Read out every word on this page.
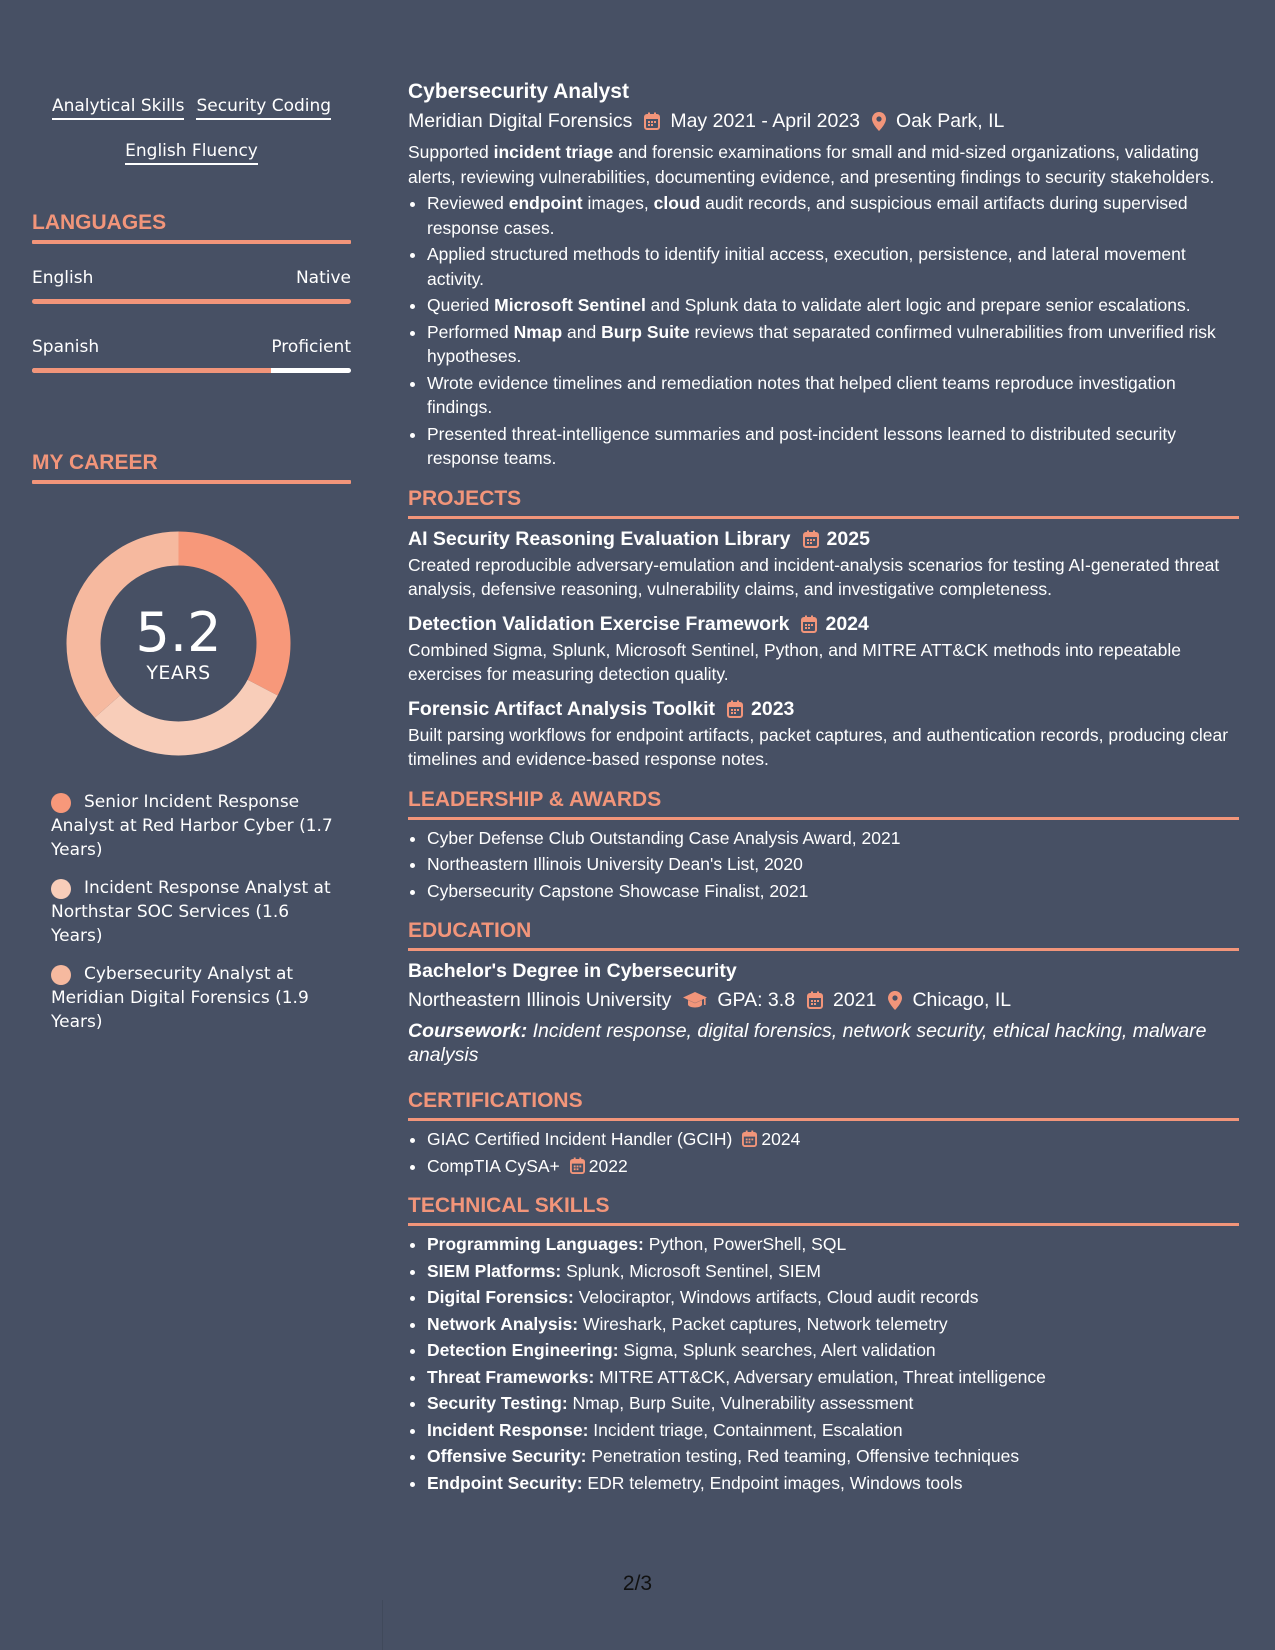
Analytical Skills Security Coding
English Fluency
LANGUAGES
English	Native
Spanish	Proficient
MY CAREER
5.2
YEARS
Senior Incident Response Analyst at Red Harbor Cyber (1.7 Years)
Incident Response Analyst at Northstar SOC Services (1.6 Years)
Cybersecurity Analyst at Meridian Digital Forensics (1.9 Years)
Cybersecurity Analyst
Meridian Digital Forensics May 2021 - April 2023 Oak Park, IL
Supported incident triage and forensic examinations for small and mid-sized organizations, validating alerts, reviewing vulnerabilities, documenting evidence, and presenting findings to security stakeholders.
• Reviewed endpoint images, cloud audit records, and suspicious email artifacts during supervised response cases.
• Applied structured methods to identify initial access, execution, persistence, and lateral movement activity.
• Queried Microsoft Sentinel and Splunk data to validate alert logic and prepare senior escalations.
• Performed Nmap and Burp Suite reviews that separated confirmed vulnerabilities from unverified risk hypotheses.
• Wrote evidence timelines and remediation notes that helped client teams reproduce investigation findings.
• Presented threat-intelligence summaries and post-incident lessons learned to distributed security response teams.
PROJECTS
AI Security Reasoning Evaluation Library 2025
Created reproducible adversary-emulation and incident-analysis scenarios for testing AI-generated threat analysis, defensive reasoning, vulnerability claims, and investigative completeness.
Detection Validation Exercise Framework 2024
Combined Sigma, Splunk, Microsoft Sentinel, Python, and MITRE ATT&CK methods into repeatable exercises for measuring detection quality.
Forensic Artifact Analysis Toolkit 2023
Built parsing workflows for endpoint artifacts, packet captures, and authentication records, producing clear timelines and evidence-based response notes.
LEADERSHIP & AWARDS
• Cyber Defense Club Outstanding Case Analysis Award, 2021
• Northeastern Illinois University Dean's List, 2020
• Cybersecurity Capstone Showcase Finalist, 2021
EDUCATION
Bachelor's Degree in Cybersecurity
Northeastern Illinois University GPA: 3.8 2021 Chicago, IL
Coursework: Incident response, digital forensics, network security, ethical hacking, malware analysis
CERTIFICATIONS
• GIAC Certified Incident Handler (GCIH) 2024
• CompTIA CySA+ 2022
TECHNICAL SKILLS
• Programming Languages: Python, PowerShell, SQL
• SIEM Platforms: Splunk, Microsoft Sentinel, SIEM
• Digital Forensics: Velociraptor, Windows artifacts, Cloud audit records
• Network Analysis: Wireshark, Packet captures, Network telemetry
• Detection Engineering: Sigma, Splunk searches, Alert validation
• Threat Frameworks: MITRE ATT&CK, Adversary emulation, Threat intelligence
• Security Testing: Nmap, Burp Suite, Vulnerability assessment
• Incident Response: Incident triage, Containment, Escalation
• Offensive Security: Penetration testing, Red teaming, Offensive techniques
• Endpoint Security: EDR telemetry, Endpoint images, Windows tools
2/3
